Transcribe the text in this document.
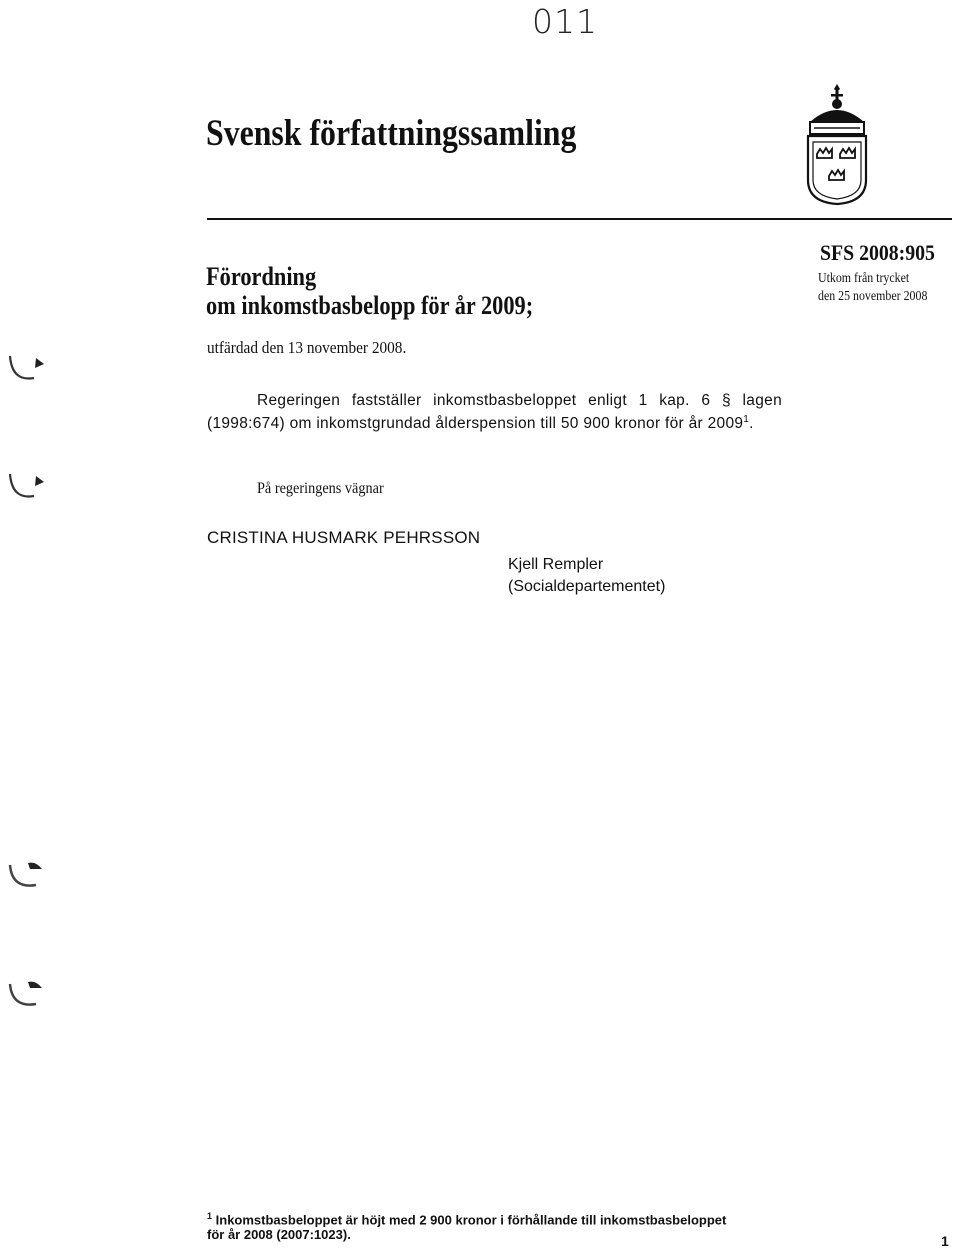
011
Svensk författningssamling
SFS 2008:905
Utkom från trycket
den 25 november 2008
Förordning
om inkomstbasbelopp för år 2009;
utfärdad den 13 november 2008.
Regeringen fastställer inkomstbasbeloppet enligt 1 kap. 6 § lagen (1998:674) om inkomstgrundad ålderspension till 50 900 kronor för år 2009$^1$.
På regeringens vägnar
CRISTINA HUSMARK PEHRSSON
Kjell Rempler
(Socialdepartementet)
$^1$ Inkomstbasbeloppet är höjt med 2 900 kronor i förhållande till inkomstbasbeloppet
för år 2008 (2007:1023).	1
